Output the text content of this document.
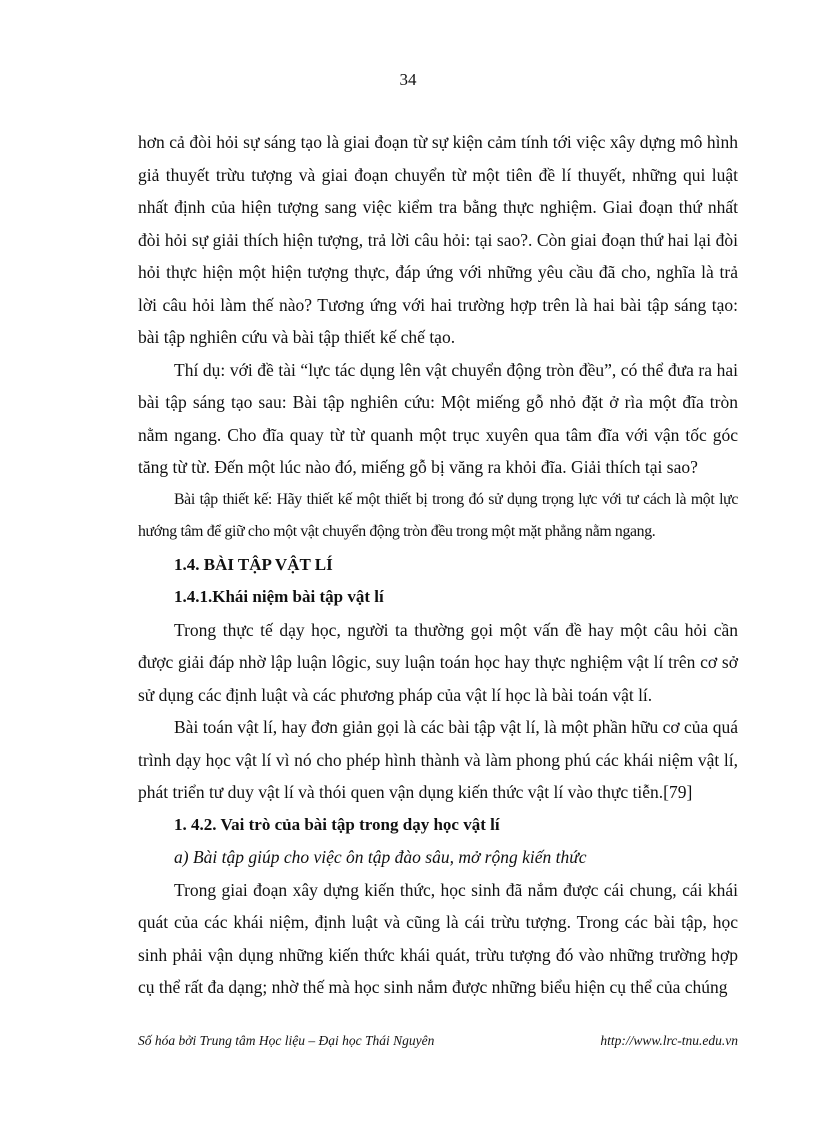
34

hơn cả đòi hỏi sự sáng tạo là giai đoạn từ sự kiện cảm tính tới việc xây dựng mô hình giả thuyết trừu tượng và giai đoạn chuyển từ một tiên đề lí thuyết, những qui luật nhất định của hiện tượng sang việc kiểm tra bằng thực nghiệm. Giai đoạn thứ nhất đòi hỏi sự giải thích hiện tượng, trả lời câu hỏi: tại sao?. Còn giai đoạn thứ hai lại đòi hỏi thực hiện một hiện tượng thực, đáp ứng với những yêu cầu đã cho, nghĩa là trả lời câu hỏi làm thế nào? Tương ứng với hai trường hợp trên là hai bài tập sáng tạo: bài tập nghiên cứu và bài tập thiết kế chế tạo.

Thí dụ: với đề tài “lực tác dụng lên vật chuyển động tròn đều”, có thể đưa ra hai bài tập sáng tạo sau: Bài tập nghiên cứu: Một miếng gỗ nhỏ đặt ở rìa một đĩa tròn nằm ngang. Cho đĩa quay từ từ quanh một trục xuyên qua tâm đĩa với vận tốc góc tăng từ từ. Đến một lúc nào đó, miếng gỗ bị văng ra khỏi đĩa. Giải thích tại sao?

Bài tập thiết kế: Hãy thiết kế một thiết bị trong đó sử dụng trọng lực với tư cách là một lực hướng tâm để giữ cho một vật chuyển động tròn đều trong một mặt phẳng nằm ngang.

1.4. BÀI TẬP VẬT LÍ
1.4.1.Khái niệm bài tập vật lí

Trong thực tế dạy học, người ta thường gọi một vấn đề hay một câu hỏi cần được giải đáp nhờ lập luận lôgic, suy luận toán học hay thực nghiệm vật lí trên cơ sở sử dụng các định luật và các phương pháp của vật lí học là bài toán vật lí.

Bài toán vật lí, hay đơn giản gọi là các bài tập vật lí, là một phần hữu cơ của quá trình dạy học vật lí vì nó cho phép hình thành và làm phong phú các khái niệm vật lí, phát triển tư duy vật lí và thói quen vận dụng kiến thức vật lí vào thực tiễn.[79]

1. 4.2. Vai trò của bài tập trong dạy học vật lí
a) Bài tập giúp cho việc ôn tập đào sâu, mở rộng kiến thức

Trong giai đoạn xây dựng kiến thức, học sinh đã nắm được cái chung, cái khái quát của các khái niệm, định luật và cũng là cái trừu tượng. Trong các bài tập, học sinh phải vận dụng những kiến thức khái quát, trừu tượng đó vào những trường hợp cụ thể rất đa dạng; nhờ thế mà học sinh nắm được những biểu hiện cụ thể của chúng

Số hóa bởi Trung tâm Học liệu – Đại học Thái Nguyên	http://www.lrc-tnu.edu.vn
